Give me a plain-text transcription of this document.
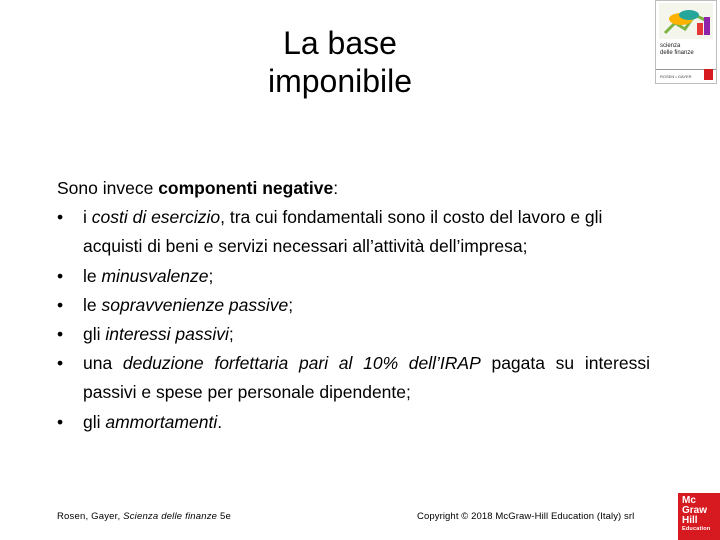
La base
imponibile
scienza
delle finanze
ROSEN • GAYER

Sono invece componenti negative:

• i costi di esercizio, tra cui fondamentali sono il costo del lavoro e gli acquisti di beni e servizi necessari all’attività dell’impresa;
• le minusvalenze;
• le sopravvenienze passive;
• gli interessi passivi;
• una deduzione forfettaria pari al 10% dell’IRAP pagata su interessi passivi e spese per personale dipendente;
• gli ammortamenti.
Rosen, Gayer, Scienza delle finanze 5e	Copyright © 2018 McGraw-Hill Education (Italy) srl
Mc
Graw
Hill
Education
